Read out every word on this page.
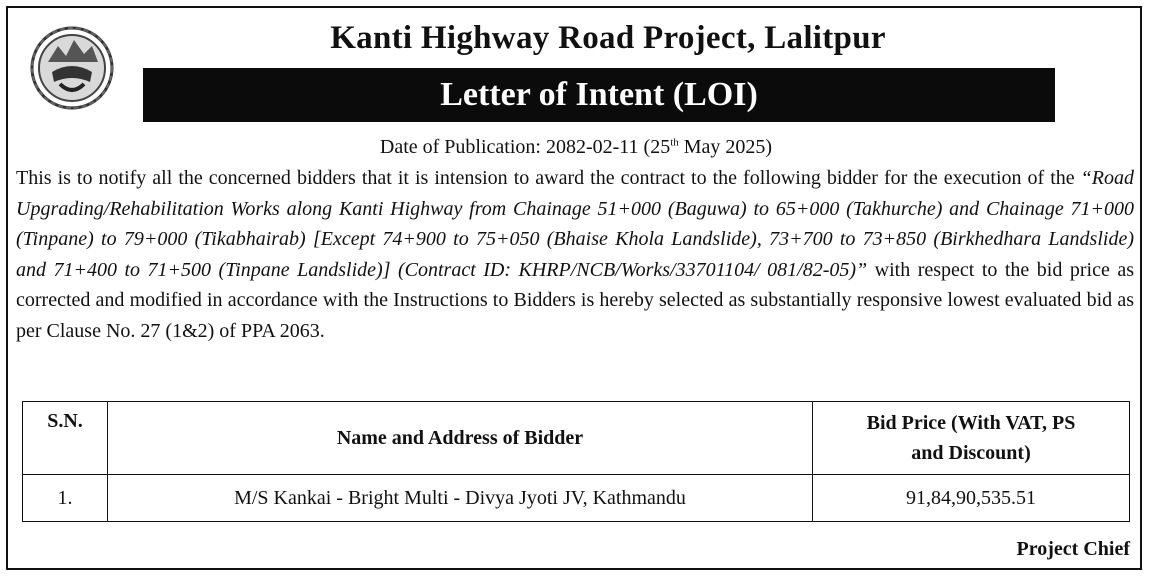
Kanti Highway Road Project, Lalitpur
Letter of Intent (LOI)
Date of Publication: 2082-02-11 (25th May 2025)
This is to notify all the concerned bidders that it is intension to award the contract to the following bidder for the execution of the “Road Upgrading/Rehabilitation Works along Kanti Highway from Chainage 51+000 (Baguwa) to 65+000 (Takhurche) and Chainage 71+000 (Tinpane) to 79+000 (Tikabhairab) [Except 74+900 to 75+050 (Bhaise Khola Landslide), 73+700 to 73+850 (Birkhedhara Landslide) and 71+400 to 71+500 (Tinpane Landslide)] (Contract ID: KHRP/NCB/Works/33701104/ 081/82-05)” with respect to the bid price as corrected and modified in accordance with the Instructions to Bidders is hereby selected as substantially responsive lowest evaluated bid as per Clause No. 27 (1&2) of PPA 2063.
S.N.	Name and Address of Bidder	Bid Price (With VAT, PS
and Discount)
1.	M/S Kankai - Bright Multi - Divya Jyoti JV, Kathmandu	91,84,90,535.51
Project Chief
